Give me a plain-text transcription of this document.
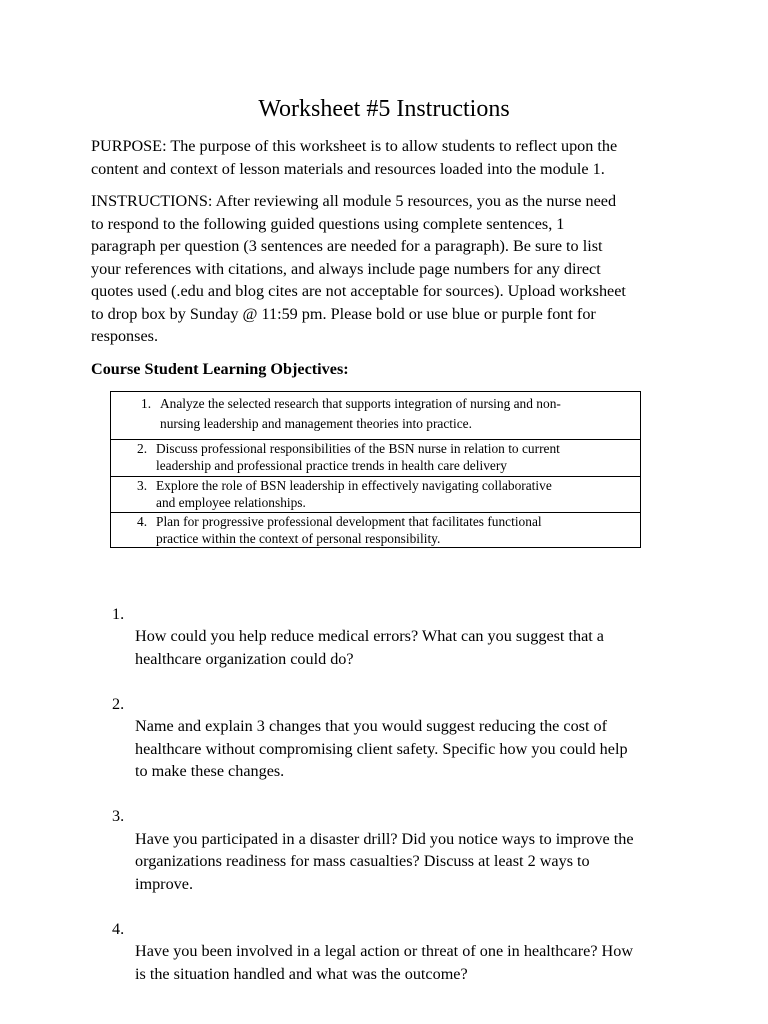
Worksheet #5 Instructions

PURPOSE: The purpose of this worksheet is to allow students to reflect upon the
content and context of lesson materials and resources loaded into the module 1.

INSTRUCTIONS: After reviewing all module 5 resources, you as the nurse need
to respond to the following guided questions using complete sentences, 1
paragraph per question (3 sentences are needed for a paragraph). Be sure to list
your references with citations, and always include page numbers for any direct
quotes used (.edu and blog cites are not acceptable for sources). Upload worksheet
to drop box by Sunday @ 11:59 pm. Please bold or use blue or purple font for
responses.

Course Student Learning Objectives:

1. Analyze the selected research that supports integration of nursing and non-
nursing leadership and management theories into practice.
2. Discuss professional responsibilities of the BSN nurse in relation to current
leadership and professional practice trends in health care delivery
3. Explore the role of BSN leadership in effectively navigating collaborative
and employee relationships.
4. Plan for progressive professional development that facilitates functional
practice within the context of personal responsibility.

1.

How could you help reduce medical errors? What can you suggest that a
healthcare organization could do?

2.

Name and explain 3 changes that you would suggest reducing the cost of
healthcare without compromising client safety. Specific how you could help
to make these changes.

3.

Have you participated in a disaster drill? Did you notice ways to improve the
organizations readiness for mass casualties? Discuss at least 2 ways to
improve.

4.

Have you been involved in a legal action or threat of one in healthcare? How
is the situation handled and what was the outcome?
